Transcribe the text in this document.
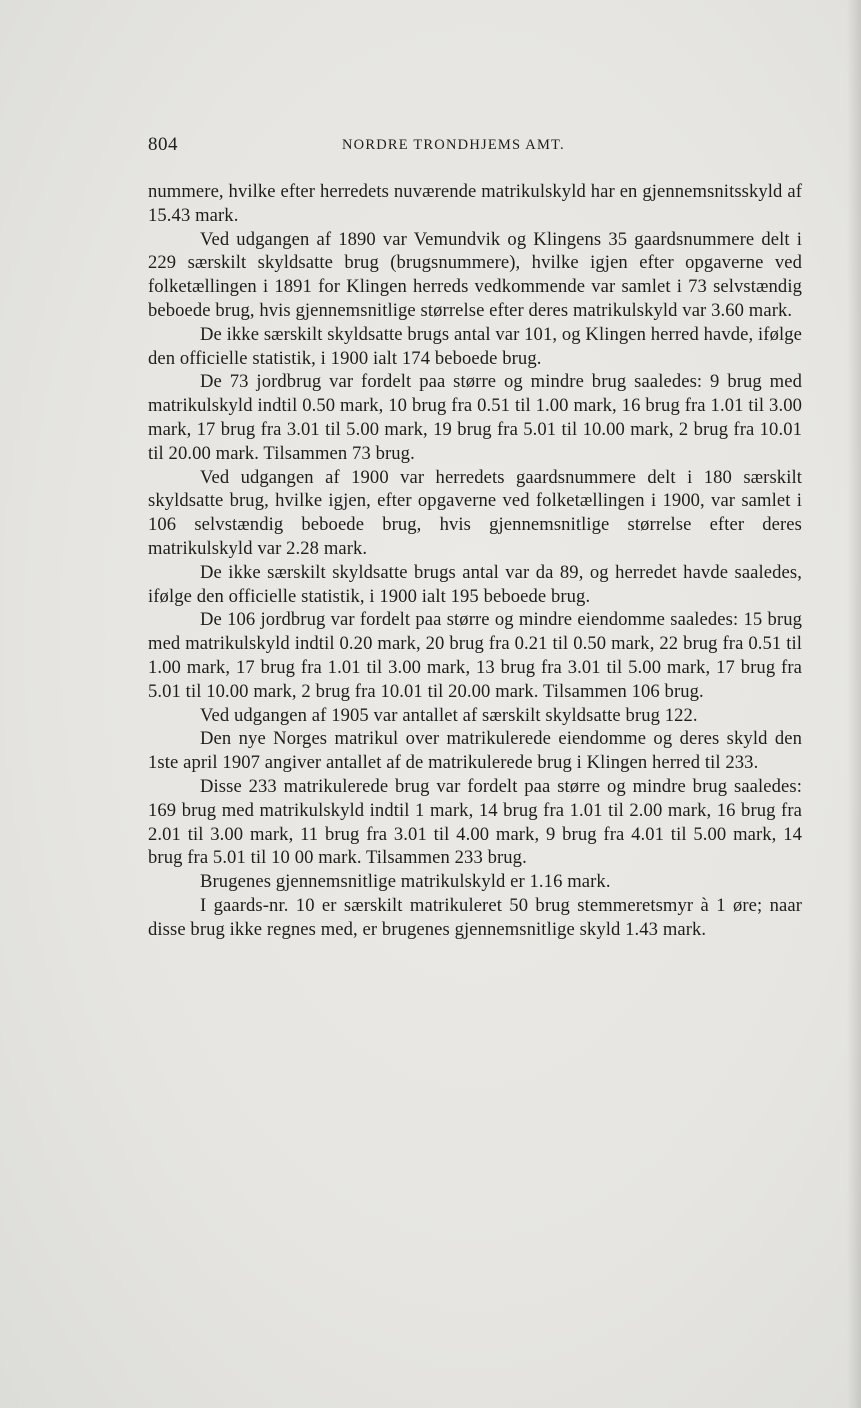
804	NORDRE TRONDHJEMS AMT.

nummere, hvilke efter herredets nuværende matrikulskyld har en gjennemsnitsskyld af 15.43 mark.

Ved udgangen af 1890 var Vemundvik og Klingens 35 gaardsnummere delt i 229 særskilt skyldsatte brug (brugsnummere), hvilke igjen efter opgaverne ved folketællingen i 1891 for Klingen herreds vedkommende var samlet i 73 selvstændig beboede brug, hvis gjennemsnitlige størrelse efter deres matrikulskyld var 3.60 mark.

De ikke særskilt skyldsatte brugs antal var 101, og Klingen herred havde, ifølge den officielle statistik, i 1900 ialt 174 beboede brug.

De 73 jordbrug var fordelt paa større og mindre brug saaledes: 9 brug med matrikulskyld indtil 0.50 mark, 10 brug fra 0.51 til 1.00 mark, 16 brug fra 1.01 til 3.00 mark, 17 brug fra 3.01 til 5.00 mark, 19 brug fra 5.01 til 10.00 mark, 2 brug fra 10.01 til 20.00 mark. Tilsammen 73 brug.

Ved udgangen af 1900 var herredets gaardsnummere delt i 180 særskilt skyldsatte brug, hvilke igjen, efter opgaverne ved folketællingen i 1900, var samlet i 106 selvstændig beboede brug, hvis gjennemsnitlige størrelse efter deres matrikulskyld var 2.28 mark.

De ikke særskilt skyldsatte brugs antal var da 89, og herredet havde saaledes, ifølge den officielle statistik, i 1900 ialt 195 beboede brug.

De 106 jordbrug var fordelt paa større og mindre eiendomme saaledes: 15 brug med matrikulskyld indtil 0.20 mark, 20 brug fra 0.21 til 0.50 mark, 22 brug fra 0.51 til 1.00 mark, 17 brug fra 1.01 til 3.00 mark, 13 brug fra 3.01 til 5.00 mark, 17 brug fra 5.01 til 10.00 mark, 2 brug fra 10.01 til 20.00 mark. Tilsammen 106 brug.

Ved udgangen af 1905 var antallet af særskilt skyldsatte brug 122.

Den nye Norges matrikul over matrikulerede eiendomme og deres skyld den 1ste april 1907 angiver antallet af de matrikulerede brug i Klingen herred til 233.

Disse 233 matrikulerede brug var fordelt paa større og mindre brug saaledes: 169 brug med matrikulskyld indtil 1 mark, 14 brug fra 1.01 til 2.00 mark, 16 brug fra 2.01 til 3.00 mark, 11 brug fra 3.01 til 4.00 mark, 9 brug fra 4.01 til 5.00 mark, 14 brug fra 5.01 til 10 00 mark. Tilsammen 233 brug.

Brugenes gjennemsnitlige matrikulskyld er 1.16 mark.

I gaards-nr. 10 er særskilt matrikuleret 50 brug stemmeretsmyr à 1 øre; naar disse brug ikke regnes med, er brugenes gjennemsnitlige skyld 1.43 mark.
